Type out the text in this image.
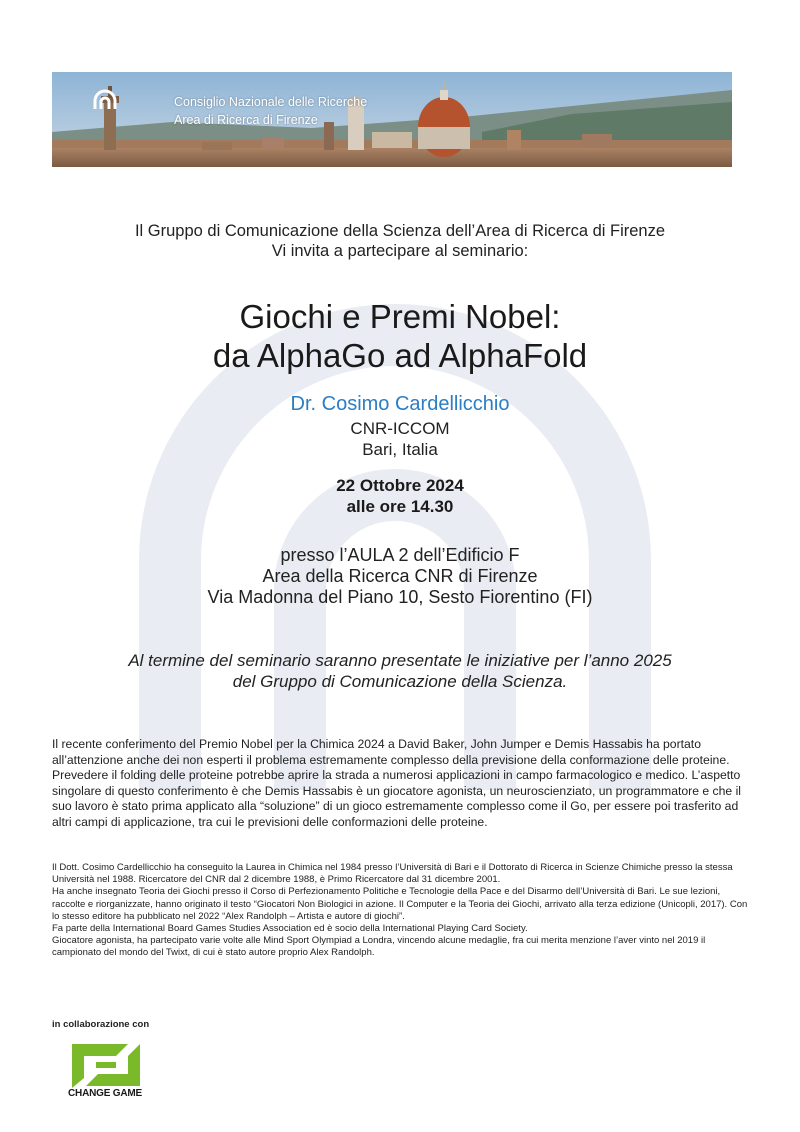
Consiglio Nazionale delle Ricerche
Area di Ricerca di Firenze
Il Gruppo di Comunicazione della Scienza dell’Area di Ricerca di Firenze
Vi invita a partecipare al seminario:
Giochi e Premi Nobel:
da AlphaGo ad AlphaFold
Dr. Cosimo Cardellicchio
CNR-ICCOM
Bari, Italia
22 Ottobre 2024
alle ore 14.30
presso l’AULA 2 dell’Edificio F
Area della Ricerca CNR di Firenze
Via Madonna del Piano 10, Sesto Fiorentino (FI)
Al termine del seminario saranno presentate le iniziative per l’anno 2025
del Gruppo di Comunicazione della Scienza.

Il recente conferimento del Premio Nobel per la Chimica 2024 a David Baker, John Jumper e Demis Hassabis ha portato all’attenzione anche dei non esperti il problema estremamente complesso della previsione della conformazione delle proteine. Prevedere il folding delle proteine potrebbe aprire la strada a numerosi applicazioni in campo farmacologico e medico. L’aspetto singolare di questo conferimento è che Demis Hassabis è un giocatore agonista, un neuroscienziato, un programmatore e che il suo lavoro è stato prima applicato alla “soluzione” di un gioco estremamente complesso come il Go, per essere poi trasferito ad altri campi di applicazione, tra cui le previsioni delle conformazioni delle proteine.

Il Dott. Cosimo Cardellicchio ha conseguito la Laurea in Chimica nel 1984 presso l’Università di Bari e il Dottorato di Ricerca in Scienze Chimiche presso la stessa Università nel 1988. Ricercatore del CNR dal 2 dicembre 1988, è Primo Ricercatore dal 31 dicembre 2001.

Ha anche insegnato Teoria dei Giochi presso il Corso di Perfezionamento Politiche e Tecnologie della Pace e del Disarmo dell’Università di Bari. Le sue lezioni, raccolte e riorganizzate, hanno originato il testo “Giocatori Non Biologici in azione. Il Computer e la Teoria dei Giochi, arrivato alla terza edizione (Unicopli, 2017). Con lo stesso editore ha pubblicato nel 2022 “Alex Randolph – Artista e autore di giochi”.

Fa parte della International Board Games Studies Association ed è socio della International Playing Card Society.

Giocatore agonista, ha partecipato varie volte alle Mind Sport Olympiad a Londra, vincendo alcune medaglie, fra cui merita menzione l’aver vinto nel 2019 il campionato del mondo del Twixt, di cui è stato autore proprio Alex Randolph.

in collaborazione con
CHANGE GAME
